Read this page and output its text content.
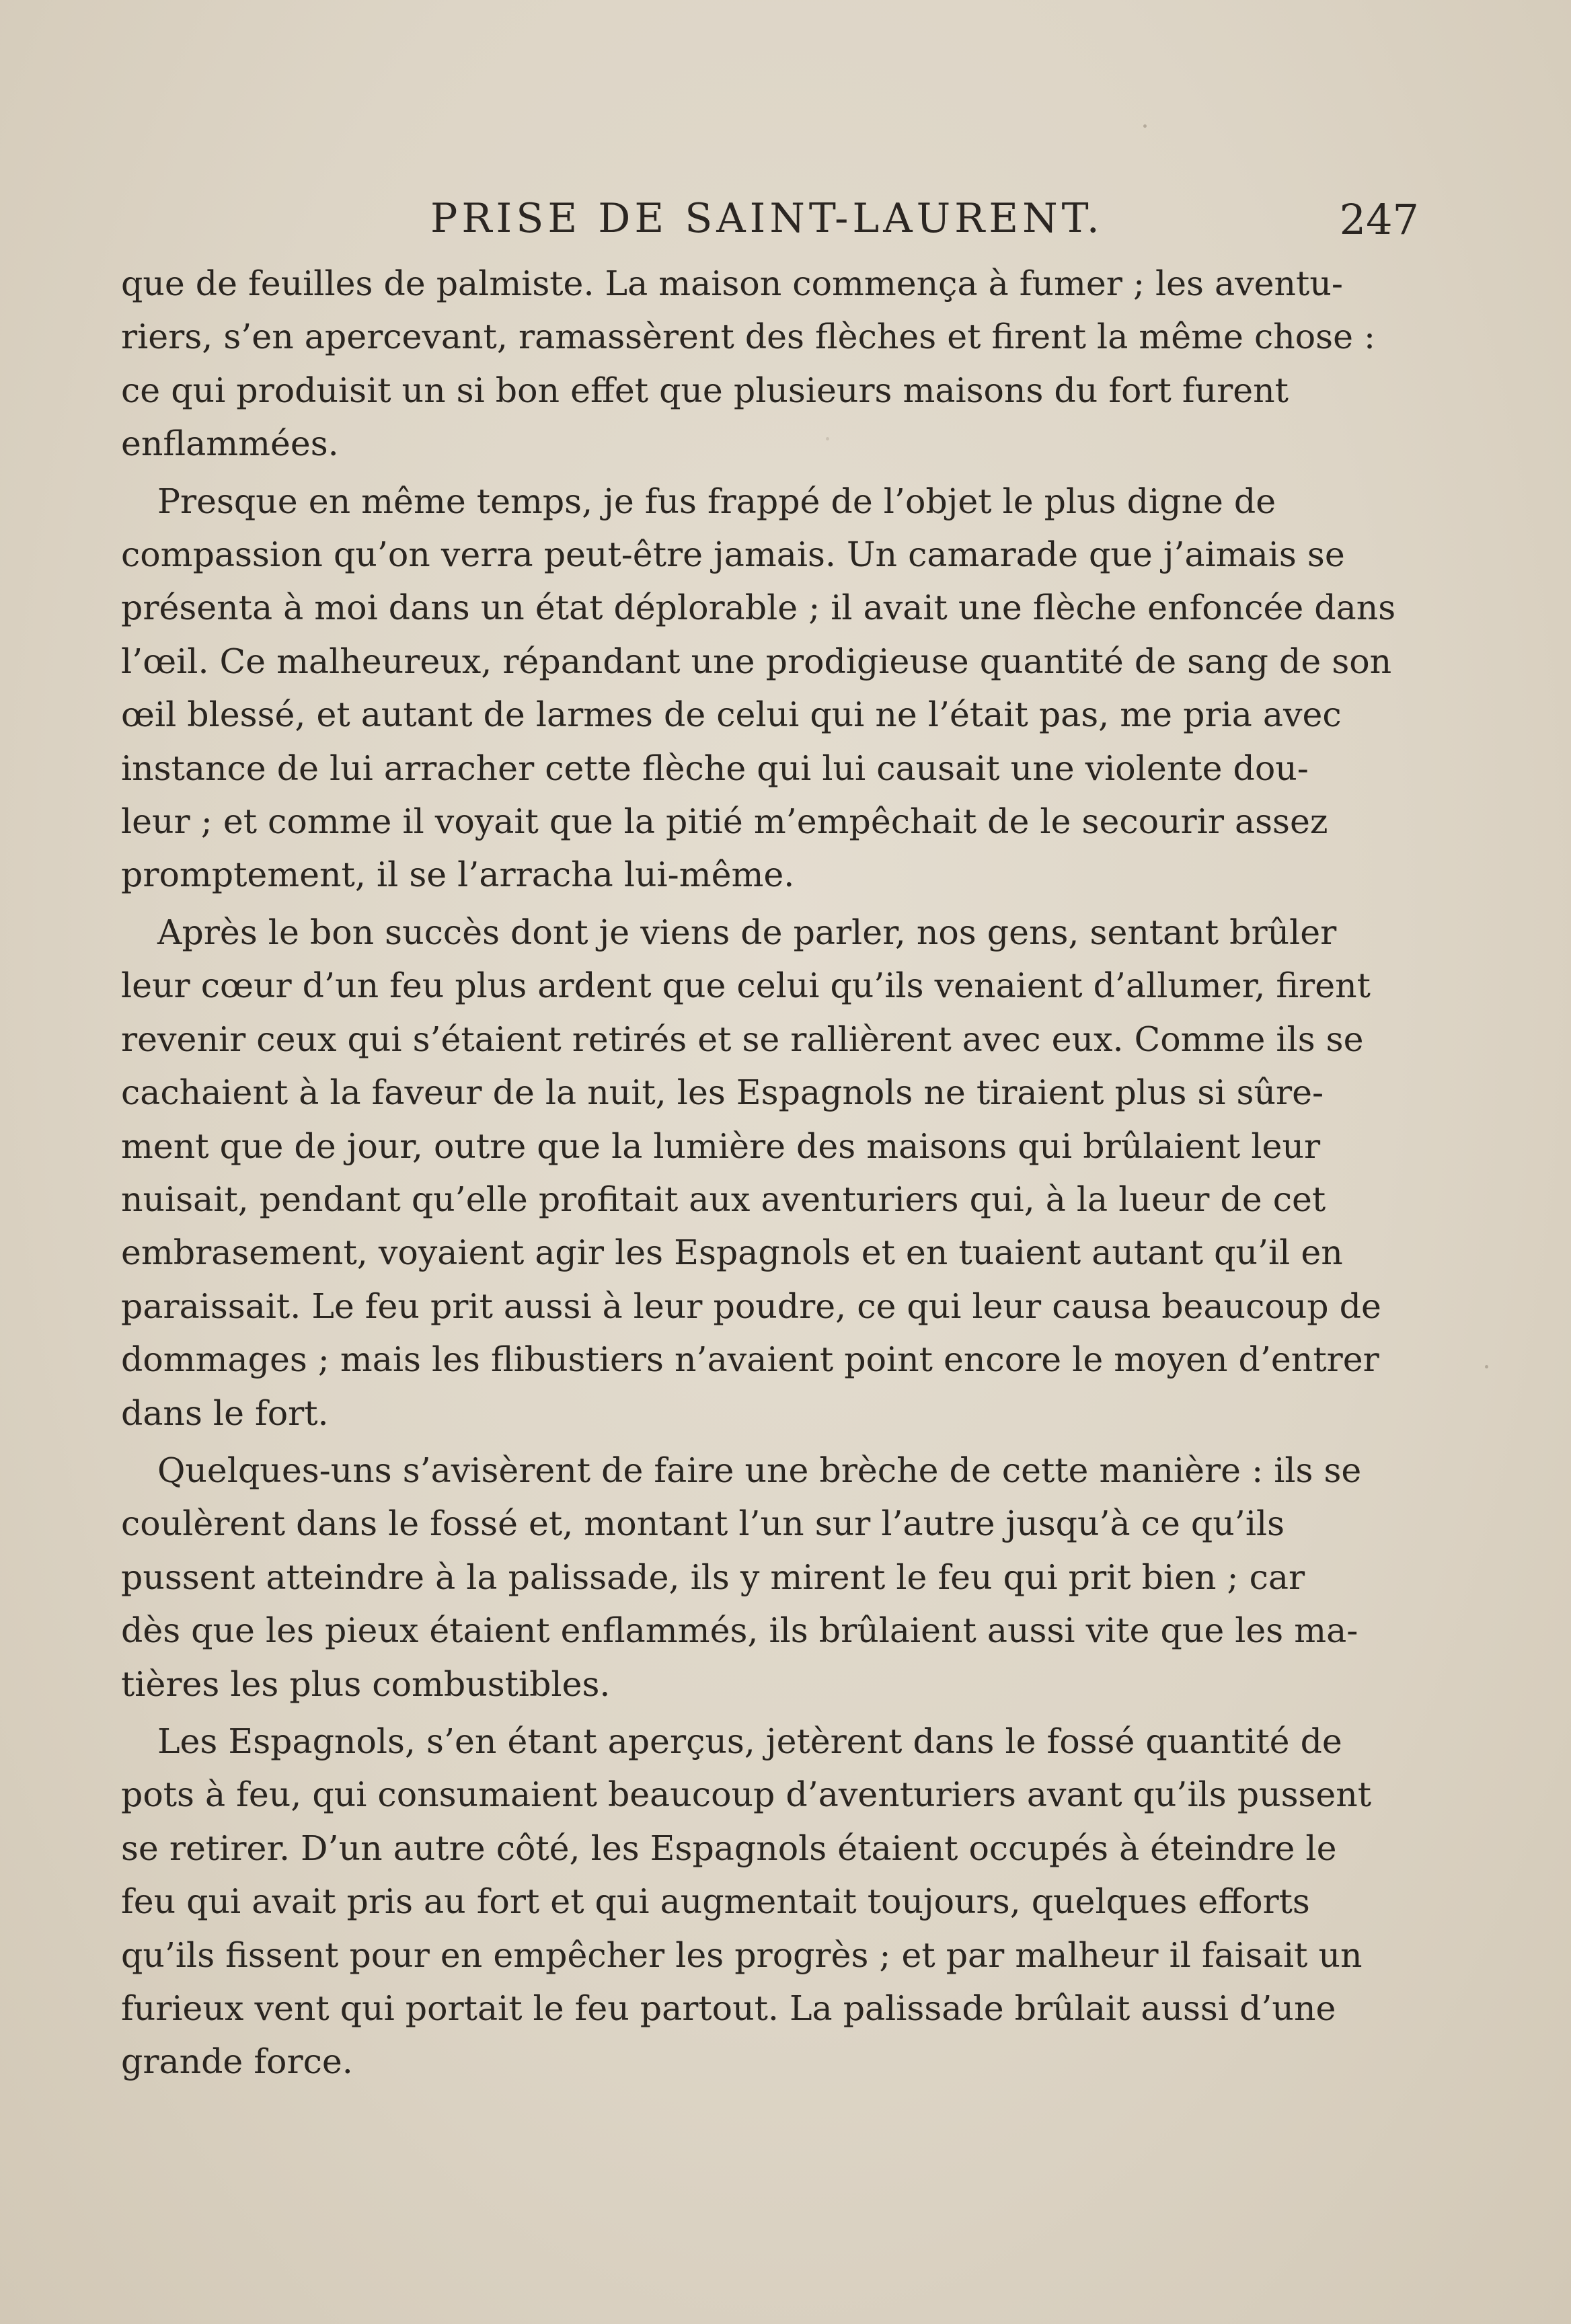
PRISE DE SAINT-LAURENT.	247

que de feuilles de palmiste. La maison commença à fumer ; les aventu-
riers, s’en apercevant, ramassèrent des flèches et firent la même chose :
ce qui produisit un si bon effet que plusieurs maisons du fort furent
enflammées.

Presque en même temps, je fus frappé de l’objet le plus digne de
compassion qu’on verra peut-être jamais. Un camarade que j’aimais se
présenta à moi dans un état déplorable ; il avait une flèche enfoncée dans
l’œil. Ce malheureux, répandant une prodigieuse quantité de sang de son
œil blessé, et autant de larmes de celui qui ne l’était pas, me pria avec
instance de lui arracher cette flèche qui lui causait une violente dou-
leur ; et comme il voyait que la pitié m’empêchait de le secourir assez
promptement, il se l’arracha lui-même.

Après le bon succès dont je viens de parler, nos gens, sentant brûler
leur cœur d’un feu plus ardent que celui qu’ils venaient d’allumer, firent
revenir ceux qui s’étaient retirés et se rallièrent avec eux. Comme ils se
cachaient à la faveur de la nuit, les Espagnols ne tiraient plus si sûre-
ment que de jour, outre que la lumière des maisons qui brûlaient leur
nuisait, pendant qu’elle profitait aux aventuriers qui, à la lueur de cet
embrasement, voyaient agir les Espagnols et en tuaient autant qu’il en
paraissait. Le feu prit aussi à leur poudre, ce qui leur causa beaucoup de
dommages ; mais les flibustiers n’avaient point encore le moyen d’entrer
dans le fort.

Quelques-uns s’avisèrent de faire une brèche de cette manière : ils se
coulèrent dans le fossé et, montant l’un sur l’autre jusqu’à ce qu’ils
pussent atteindre à la palissade, ils y mirent le feu qui prit bien ; car
dès que les pieux étaient enflammés, ils brûlaient aussi vite que les ma-
tières les plus combustibles.

Les Espagnols, s’en étant aperçus, jetèrent dans le fossé quantité de
pots à feu, qui consumaient beaucoup d’aventuriers avant qu’ils pussent
se retirer. D’un autre côté, les Espagnols étaient occupés à éteindre le
feu qui avait pris au fort et qui augmentait toujours, quelques efforts
qu’ils fissent pour en empêcher les progrès ; et par malheur il faisait un
furieux vent qui portait le feu partout. La palissade brûlait aussi d’une
grande force.
